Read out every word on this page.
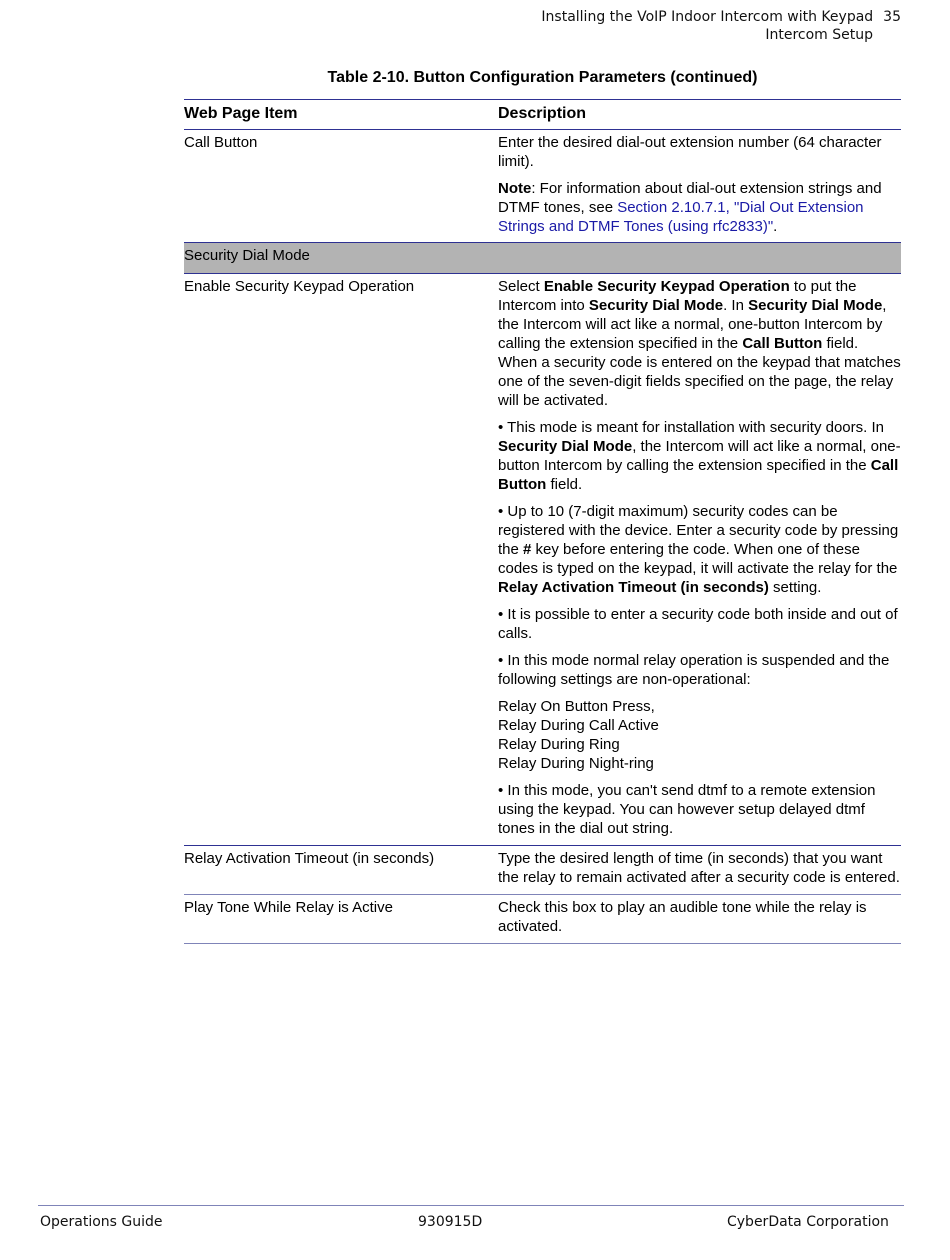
Installing the VoIP Indoor Intercom with Keypad 35
Intercom Setup
Table 2-10. Button Configuration Parameters (continued)
Web Page Item	Description
Call Button	Enter the desired dial-out extension number (64 character limit).

Note: For information about dial-out extension strings and DTMF tones, see Section 2.10.7.1, "Dial Out Extension Strings and DTMF Tones (using rfc2833)".

Security Dial Mode
Enable Security Keypad Operation	Select Enable Security Keypad Operation to put the Intercom into Security Dial Mode. In Security Dial Mode, the Intercom will act like a normal, one-button Intercom by calling the extension specified in the Call Button field. When a security code is entered on the keypad that matches one of the seven-digit fields specified on the page, the relay will be activated.

• This mode is meant for installation with security doors. In Security Dial Mode, the Intercom will act like a normal, one-button Intercom by calling the extension specified in the Call Button field.

• Up to 10 (7-digit maximum) security codes can be registered with the device. Enter a security code by pressing the # key before entering the code. When one of these codes is typed on the keypad, it will activate the relay for the Relay Activation Timeout (in seconds) setting.

• It is possible to enter a security code both inside and out of calls.

• In this mode normal relay operation is suspended and the following settings are non-operational:

Relay On Button Press,
Relay During Call Active
Relay During Ring
Relay During Night-ring

• In this mode, you can't send dtmf to a remote extension using the keypad. You can however setup delayed dtmf tones in the dial out string.

Relay Activation Timeout (in seconds)	Type the desired length of time (in seconds) that you want the relay to remain activated after a security code is entered.
Play Tone While Relay is Active	Check this box to play an audible tone while the relay is activated.
Operations Guide	930915D	CyberData Corporation
